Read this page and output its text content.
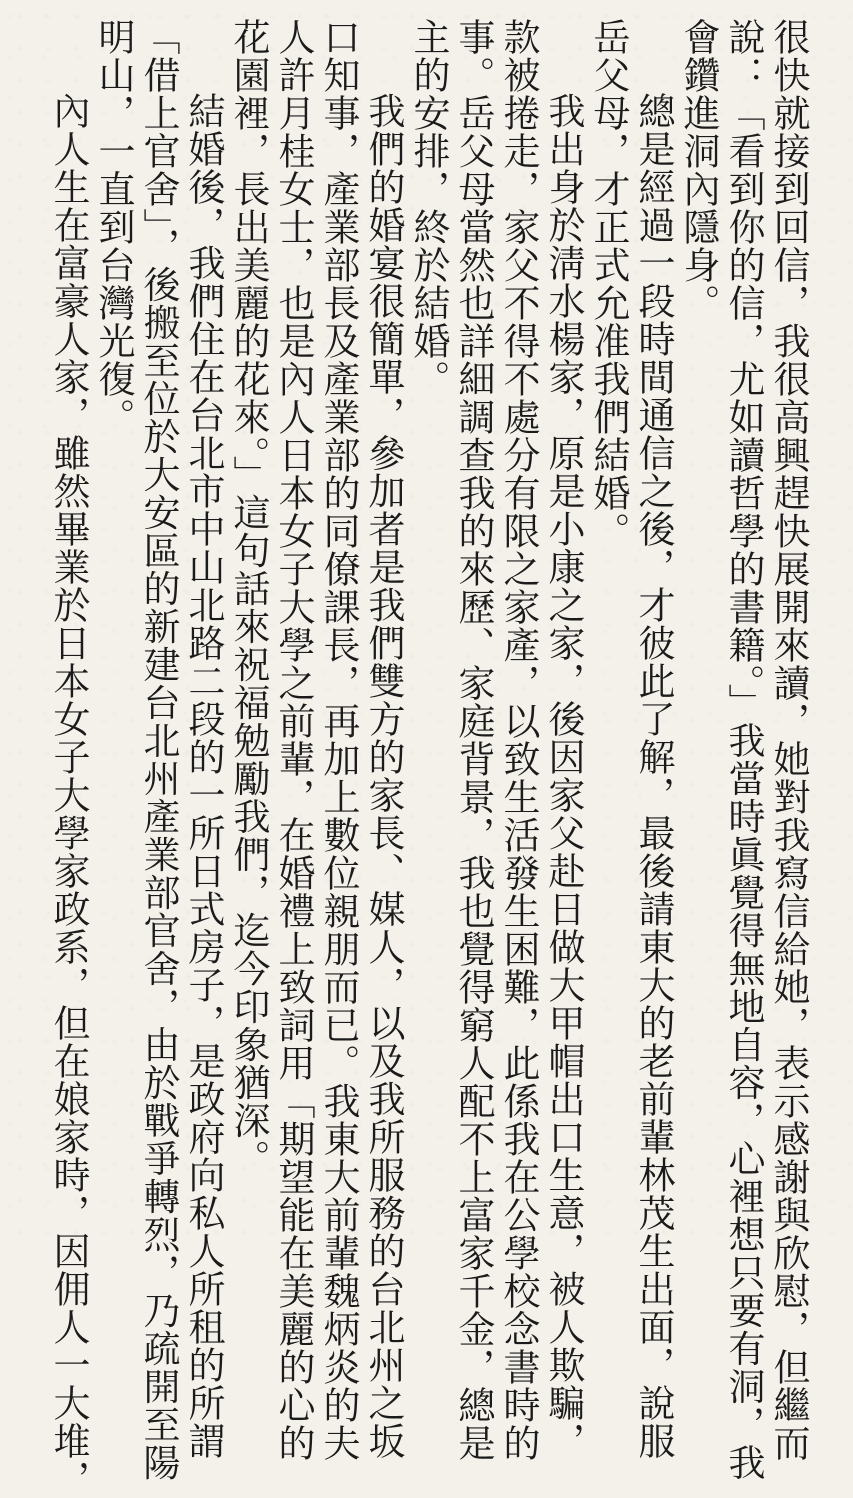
很快就接到回信，我很高興趕快展開來讀，她對我寫信給她，表示感謝與欣慰，但繼而
說：「看到你的信，尤如讀哲學的書籍。」我當時眞覺得無地自容，心裡想只要有洞，我
會鑽進洞內隱身。
總是經過一段時間通信之後，才彼此了解，最後請東大的老前輩林茂生出面，說服
岳父母，才正式允准我們結婚。
我出身於淸水楊家，原是小康之家，後因家父赴日做大甲帽出口生意，被人欺騙，
款被捲走，家父不得不處分有限之家產，以致生活發生困難，此係我在公學校念書時的
事。岳父母當然也詳細調查我的來歷、家庭背景，我也覺得窮人配不上富家千金，總是
主的安排，終於結婚。
我們的婚宴很簡單，參加者是我們雙方的家長、媒人，以及我所服務的台北州之坂
口知事，產業部長及產業部的同僚課長，再加上數位親朋而已。我東大前輩魏炳炎的夫
人許月桂女士，也是內人日本女子大學之前輩，在婚禮上致詞用「期望能在美麗的心的
花園裡，長出美麗的花來。」這句話來祝福勉勵我們，迄今印象猶深。
結婚後，我們住在台北市中山北路二段的一所日式房子，是政府向私人所租的所謂
「借上官舍」，後搬至位於大安區的新建台北州產業部官舍，由於戰爭轉烈，乃疏開至陽
明山，一直到台灣光復。
內人生在富豪人家，雖然畢業於日本女子大學家政系，但在娘家時，因佣人一大堆，
